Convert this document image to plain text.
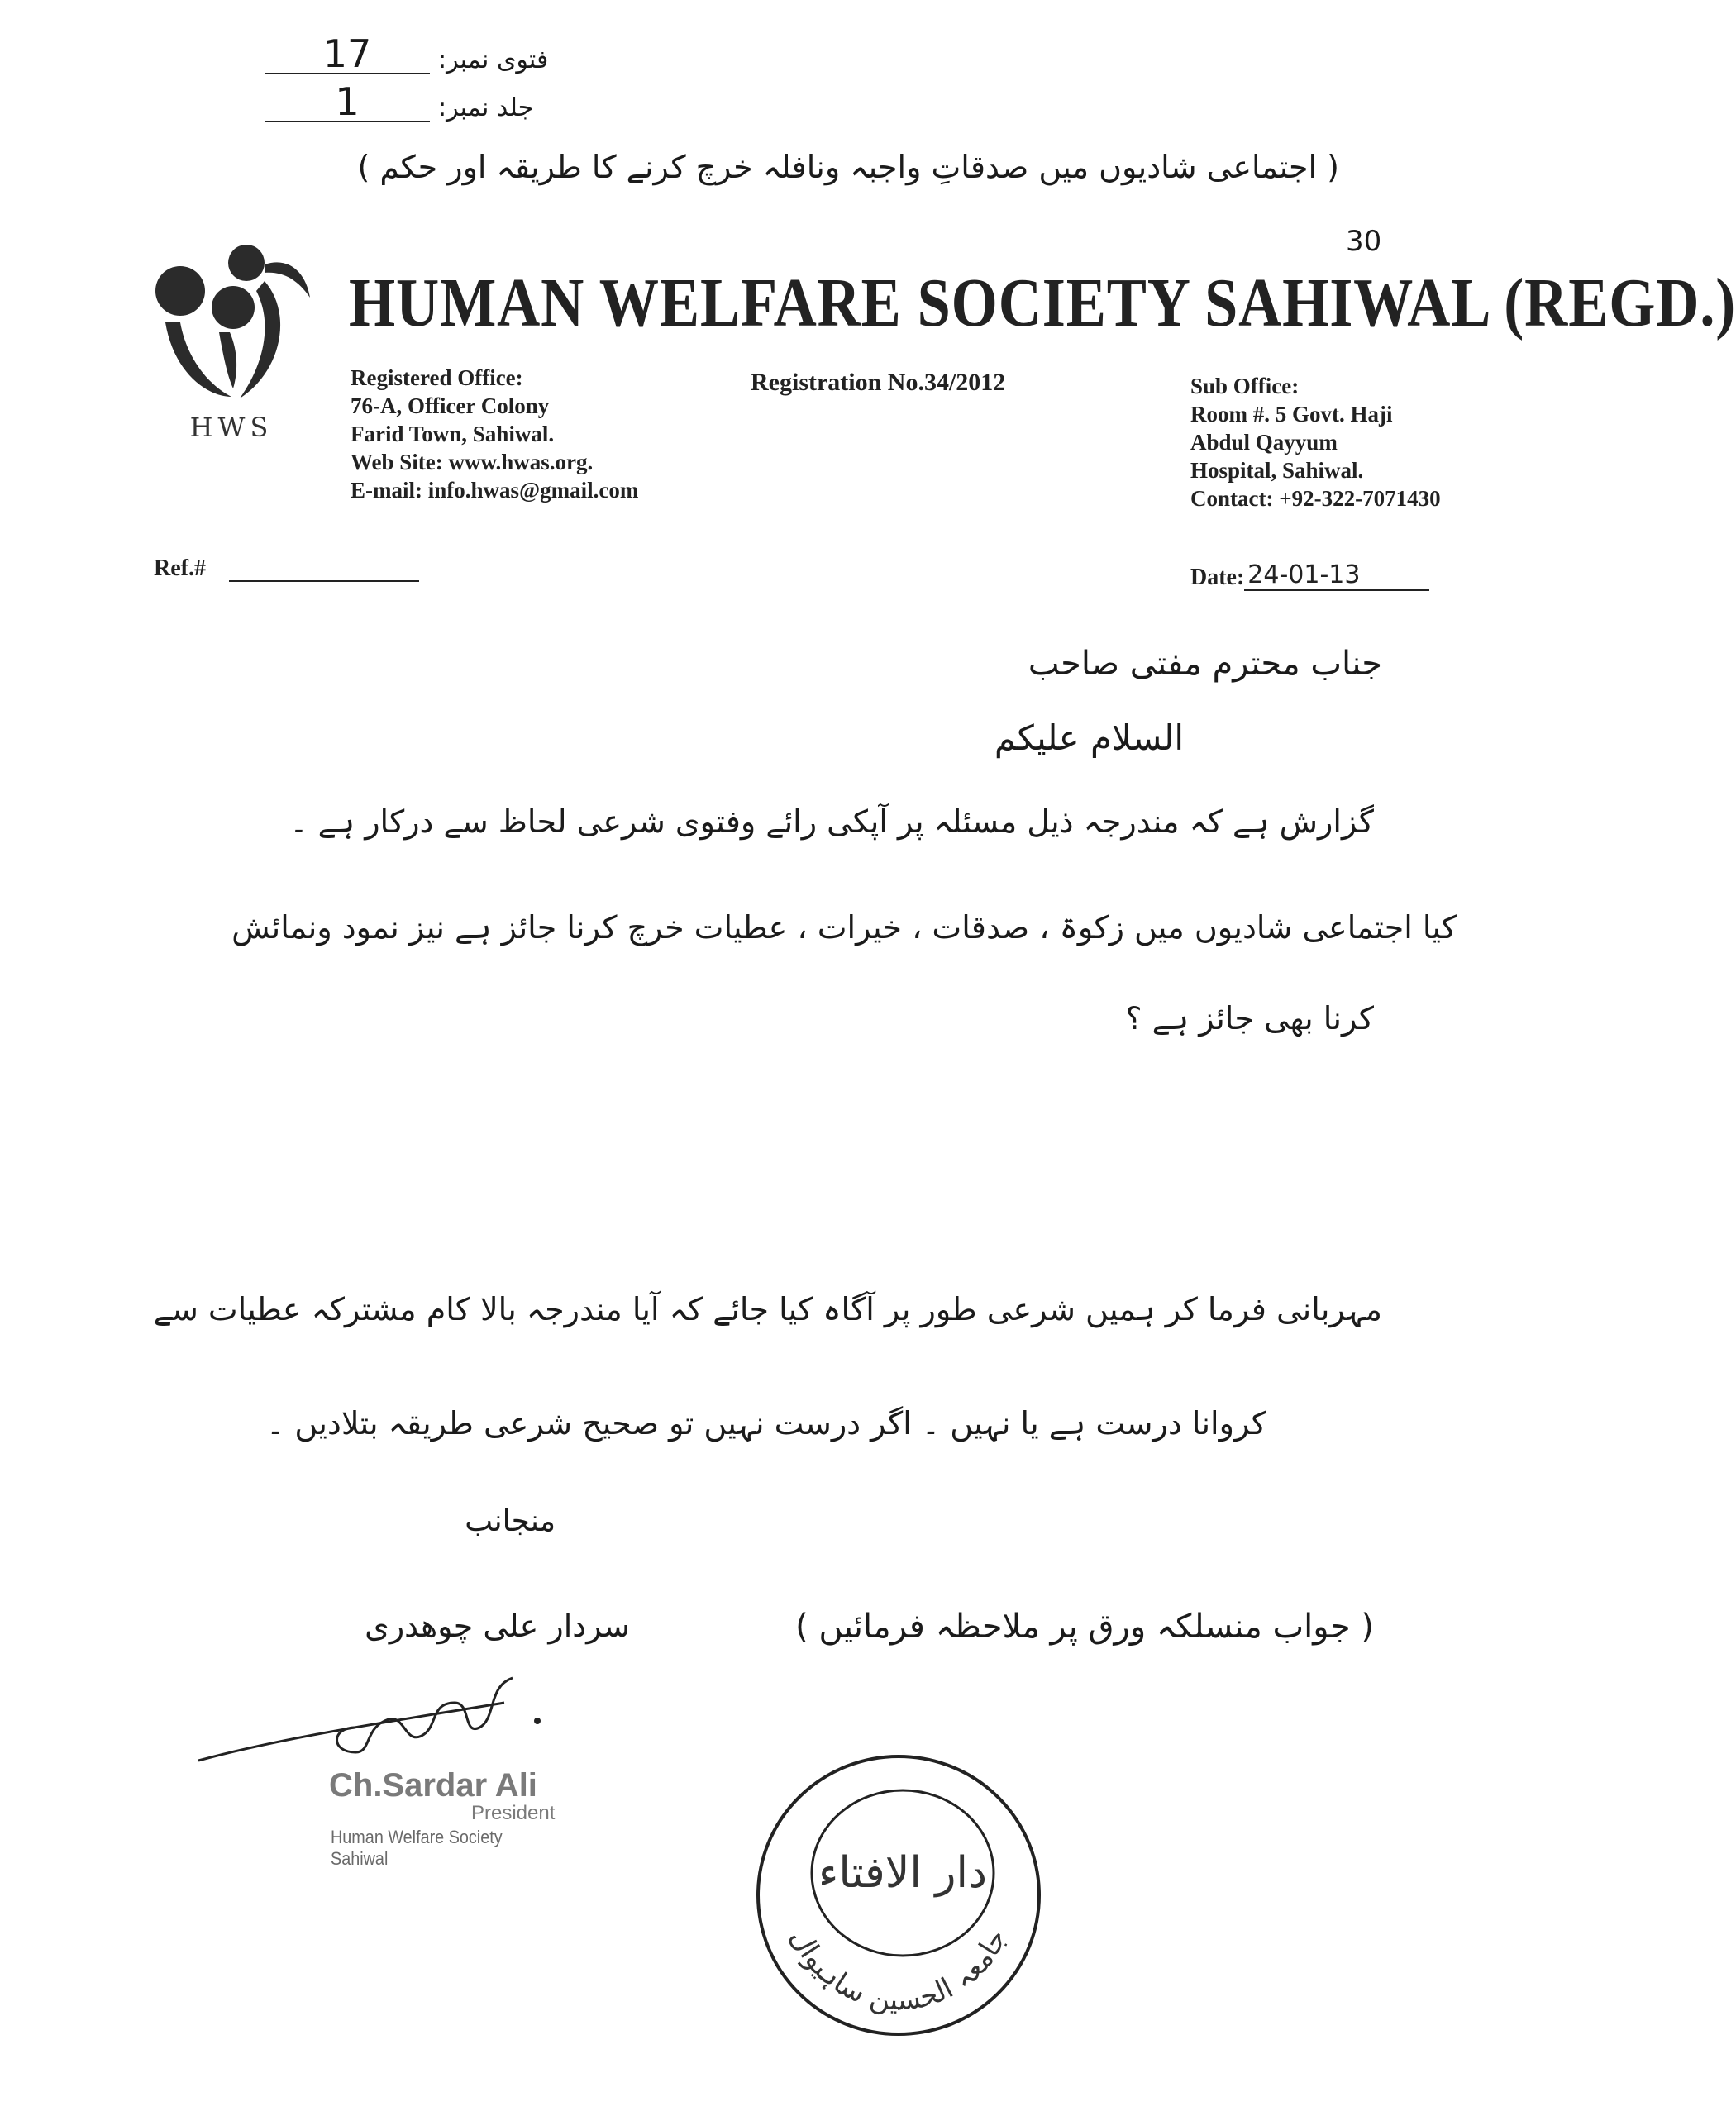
17	فتوی نمبر:
1	جلد نمبر:
( اجتماعی شادیوں میں صدقاتِ واجبہ ونافلہ خرچ کرنے کا طریقہ اور حکم )
30
HWS
HUMAN WELFARE SOCIETY SAHIWAL (REGD.)
Registered Office:
76-A, Officer Colony
Farid Town, Sahiwal.
Web Site: www.hwas.org.
E-mail: info.hwas@gmail.com
Registration No.34/2012	Sub Office:
Room #. 5 Govt. Haji
Abdul Qayyum
Hospital, Sahiwal.
Contact: +92-322-7071430
Ref.#	Date: 24-01-13
جناب محترم مفتی صاحب
السلام علیکم
گزارش ہے کہ مندرجہ ذیل مسئلہ پر آپکی رائے وفتوی شرعی لحاظ سے درکار ہے ۔
کیا اجتماعی شادیوں میں زکوۃ ، صدقات ، خیرات ، عطیات خرچ کرنا جائز ہے نیز نمود ونمائش
کرنا بھی جائز ہے ؟
مہربانی فرما کر ہمیں شرعی طور پر آگاہ کیا جائے کہ آیا مندرجہ بالا کام مشترکہ عطیات سے
کروانا درست ہے یا نہیں ۔ اگر درست نہیں تو صحیح شرعی طریقہ بتلادیں ۔
منجانب
سردار علی چوھدری	( جواب منسلکہ ورق پر ملاحظہ فرمائیں )
Ch.Sardar Ali
President
Human Welfare Society Sahiwal	دار الافتاء
جامعہ الحسین ساہیوال
